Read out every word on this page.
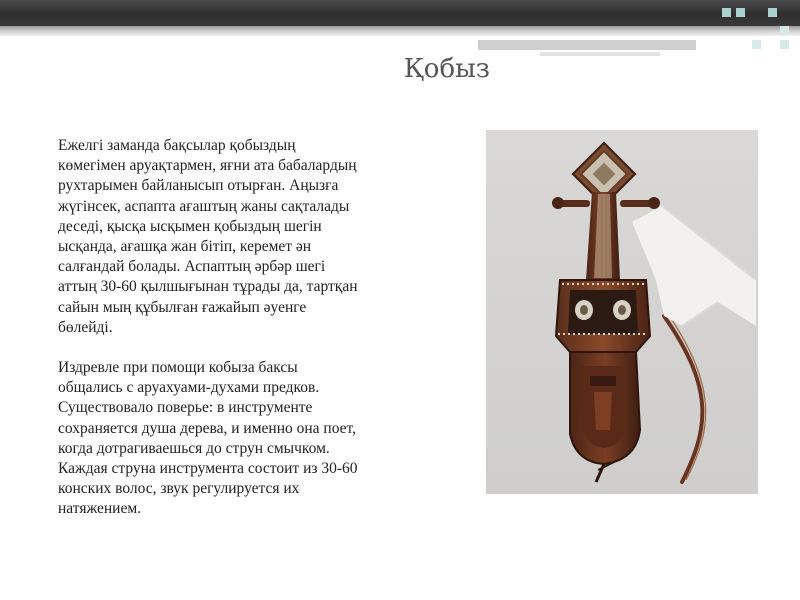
Қобыз

Ежелгі заманда бақсылар қобыздың көмегімен аруақтармен, яғни ата бабалардың рухтарымен байланысып отырған. Аңызға жүгінсек, аспапта ағаштың жаны сақталады деседі, қысқа ысқымен қобыздың шегін ысқанда, ағашқа жан бітіп, керемет ән салғандай болады. Аспаптың әрбәр шегі аттың 30-60 қылшығынан тұрады да, тартқан сайын мың құбылған ғажайып әуенге бөлейді.

Издревле при помощи кобыза баксы общались с аруахуами-духами предков. Существовало поверье: в инструменте сохраняется душа дерева, и именно она поет, когда дотрагиваешься до струн смычком. Каждая струна инструмента состоит из 30-60 конских волос, звук регулируется их натяжением.
